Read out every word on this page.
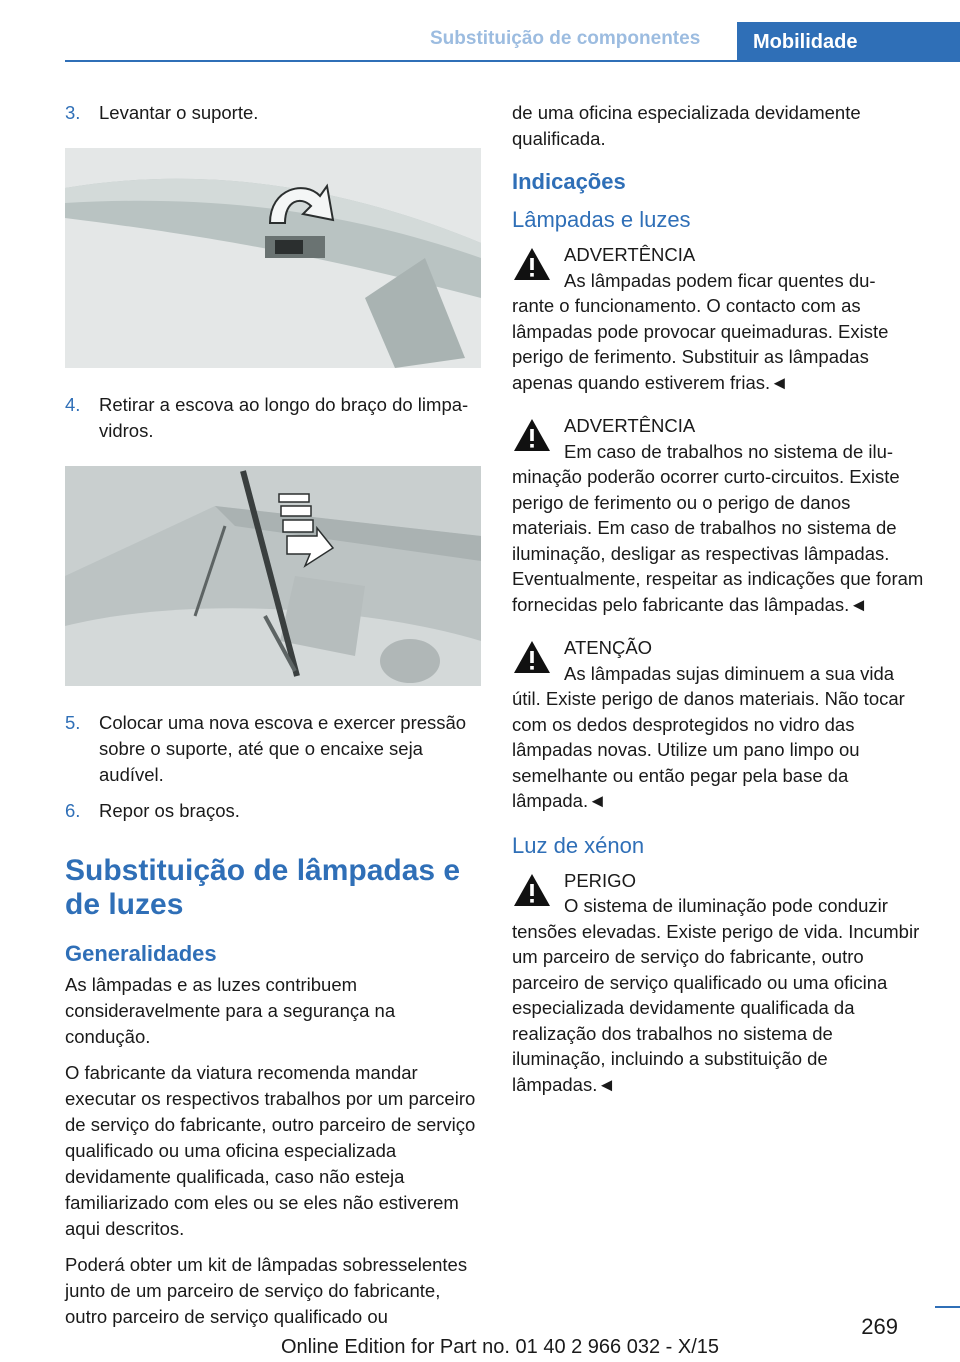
Substituição de componentes	Mobilidade
3.	Levantar o suporte.
4.	Retirar a escova ao longo do braço do limpa-vidros.
5.	Colocar uma nova escova e exercer pressão sobre o suporte, até que o encaixe seja audível.
6.	Repor os braços.
Substituição de lâmpadas e de luzes
Generalidades

As lâmpadas e as luzes contribuem consideravelmente para a segurança na condução.

O fabricante da viatura recomenda mandar executar os respectivos trabalhos por um parceiro de serviço do fabricante, outro parceiro de serviço qualificado ou uma oficina especializada devidamente qualificada, caso não esteja familiarizado com eles ou se eles não estiverem aqui descritos.

Poderá obter um kit de lâmpadas sobresselentes junto de um parceiro de serviço do fabricante, outro parceiro de serviço qualificado ou

de uma oficina especializada devidamente qualificada.

Indicações
Lâmpadas e luzes
ADVERTÊNCIA
As lâmpadas podem ficar quentes du-
rante o funcionamento. O contacto com as lâmpadas pode provocar queimaduras. Existe perigo de ferimento. Substituir as lâmpadas apenas quando estiverem frias.◄
ADVERTÊNCIA
Em caso de trabalhos no sistema de ilu-
minação poderão ocorrer curto-circuitos. Existe perigo de ferimento ou o perigo de danos materiais. Em caso de trabalhos no sistema de iluminação, desligar as respectivas lâmpadas. Eventualmente, respeitar as indicações que foram fornecidas pelo fabricante das lâmpadas.◄
ATENÇÃO
As lâmpadas sujas diminuem a sua vida
útil. Existe perigo de danos materiais. Não tocar com os dedos desprotegidos no vidro das lâmpadas novas. Utilize um pano limpo ou semelhante ou então pegar pela base da lâmpada.◄
Luz de xénon
PERIGO
O sistema de iluminação pode conduzir
tensões elevadas. Existe perigo de vida. Incumbir um parceiro de serviço do fabricante, outro parceiro de serviço qualificado ou uma oficina especializada devidamente qualificada da realização dos trabalhos no sistema de iluminação, incluindo a substituição de lâmpadas.◄
269
Online Edition for Part no. 01 40 2 966 032 - X/15
